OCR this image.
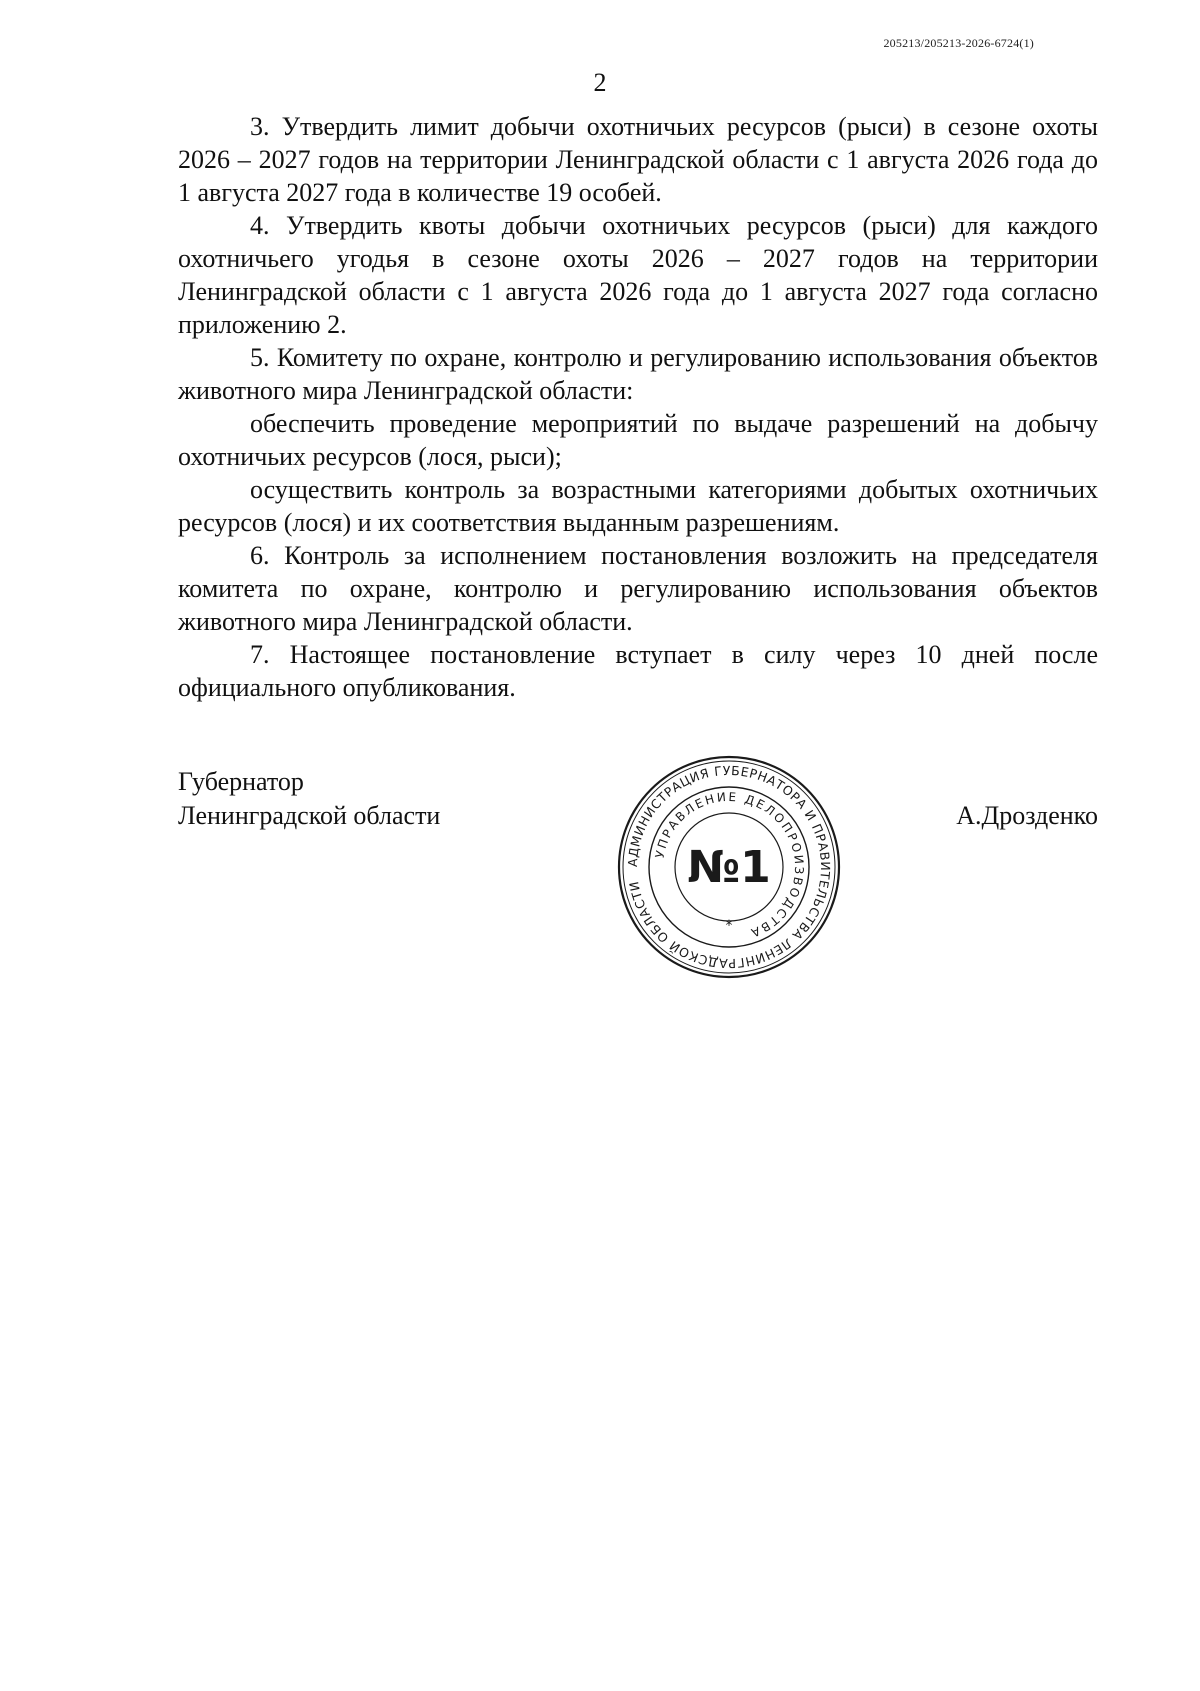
205213/205213-2026-6724(1)
2

3. Утвердить лимит добычи охотничьих ресурсов (рыси) в сезоне охоты 2026 – 2027 годов на территории Ленинградской области с 1 августа 2026 года до 1 августа 2027 года в количестве 19 особей.

4. Утвердить квоты добычи охотничьих ресурсов (рыси) для каждого охотничьего угодья в сезоне охоты 2026 – 2027 годов на территории Ленинградской области с 1 августа 2026 года до 1 августа 2027 года согласно приложению 2.

5. Комитету по охране, контролю и регулированию использования объектов животного мира Ленинградской области:

обеспечить проведение мероприятий по выдаче разрешений на добычу охотничьих ресурсов (лося, рыси);

осуществить контроль за возрастными категориями добытых охотничьих ресурсов (лося) и их соответствия выданным разрешениям.

6. Контроль за исполнением постановления возложить на председателя комитета по охране, контролю и регулированию использования объектов животного мира Ленинградской области.

7. Настоящее постановление вступает в силу через 10 дней после официального опубликования.

Губернатор
Ленинградской области	А.Дрозденко
АДМИНИСТРАЦИЯ ГУБЕРНАТОРА И ПРАВИТЕЛЬСТВА ЛЕНИНГРАДСКОЙ ОБЛАСТИ
УПРАВЛЕНИЕ ДЕЛОПРОИЗВОДСТВА
№1
*
